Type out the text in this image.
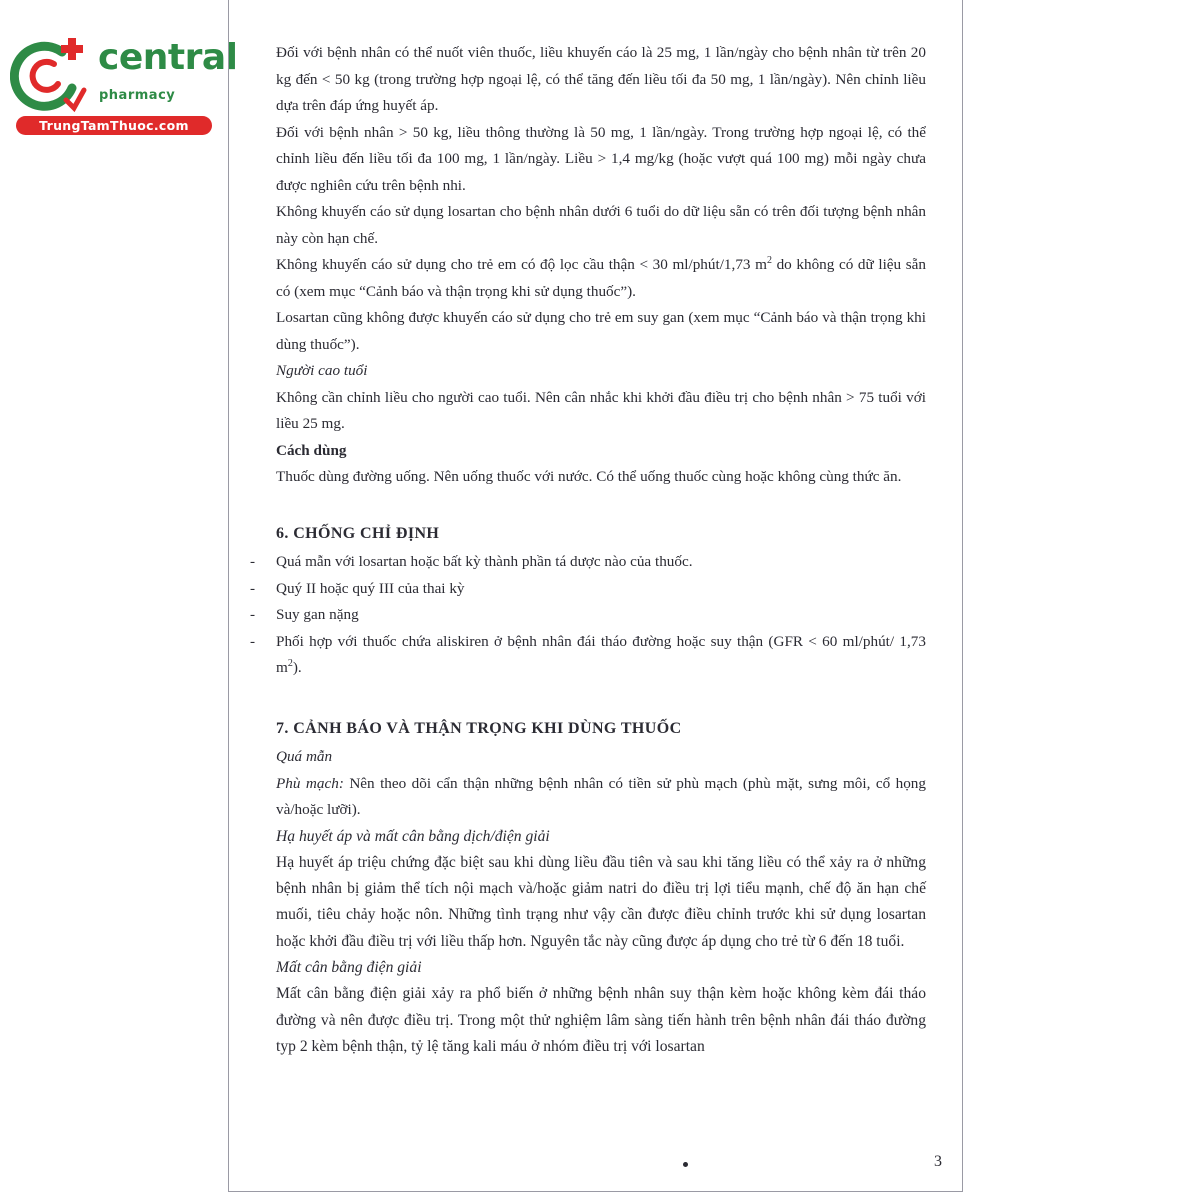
central
pharmacy
TrungTamThuoc.com

Đối với bệnh nhân có thể nuốt viên thuốc, liều khuyến cáo là 25 mg, 1 lần/ngày cho bệnh nhân từ trên 20 kg đến < 50 kg (trong trường hợp ngoại lệ, có thể tăng đến liều tối đa 50 mg, 1 lần/ngày). Nên chỉnh liều dựa trên đáp ứng huyết áp.

Đối với bệnh nhân > 50 kg, liều thông thường là 50 mg, 1 lần/ngày. Trong trường hợp ngoại lệ, có thể chỉnh liều đến liều tối đa 100 mg, 1 lần/ngày. Liều > 1,4 mg/kg (hoặc vượt quá 100 mg) mỗi ngày chưa được nghiên cứu trên bệnh nhi.

Không khuyến cáo sử dụng losartan cho bệnh nhân dưới 6 tuổi do dữ liệu sẵn có trên đối tượng bệnh nhân này còn hạn chế.

Không khuyến cáo sử dụng cho trẻ em có độ lọc cầu thận < 30 ml/phút/1,73 $m^2$ do không có dữ liệu sẵn có (xem mục “Cảnh báo và thận trọng khi sử dụng thuốc”).

Losartan cũng không được khuyến cáo sử dụng cho trẻ em suy gan (xem mục “Cảnh báo và thận trọng khi dùng thuốc”).

Người cao tuổi

Không cần chỉnh liều cho người cao tuổi. Nên cân nhắc khi khởi đầu điều trị cho bệnh nhân > 75 tuổi với liều 25 mg.

Cách dùng

Thuốc dùng đường uống. Nên uống thuốc với nước. Có thể uống thuốc cùng hoặc không cùng thức ăn.

6. CHỐNG CHỈ ĐỊNH

- Quá mẫn với losartan hoặc bất kỳ thành phần tá dược nào của thuốc.

- Quý II hoặc quý III của thai kỳ

- Suy gan nặng

- Phối hợp với thuốc chứa aliskiren ở bệnh nhân đái tháo đường hoặc suy thận (GFR < 60 ml/phút/ 1,73 $m^2$).

7. CẢNH BÁO VÀ THẬN TRỌNG KHI DÙNG THUỐC

Quá mẫn

Phù mạch: Nên theo dõi cẩn thận những bệnh nhân có tiền sử phù mạch (phù mặt, sưng môi, cổ họng và/hoặc lưỡi).

Hạ huyết áp và mất cân bằng dịch/điện giải

Hạ huyết áp triệu chứng đặc biệt sau khi dùng liều đầu tiên và sau khi tăng liều có thể xảy ra ở những bệnh nhân bị giảm thể tích nội mạch và/hoặc giảm natri do điều trị lợi tiểu mạnh, chế độ ăn hạn chế muối, tiêu chảy hoặc nôn. Những tình trạng như vậy cần được điều chỉnh trước khi sử dụng losartan hoặc khởi đầu điều trị với liều thấp hơn. Nguyên tắc này cũng được áp dụng cho trẻ từ 6 đến 18 tuổi.

Mất cân bằng điện giải

Mất cân bằng điện giải xảy ra phổ biến ở những bệnh nhân suy thận kèm hoặc không kèm đái tháo đường và nên được điều trị. Trong một thử nghiệm lâm sàng tiến hành trên bệnh nhân đái tháo đường typ 2 kèm bệnh thận, tỷ lệ tăng kali máu ở nhóm điều trị với losartan

3
